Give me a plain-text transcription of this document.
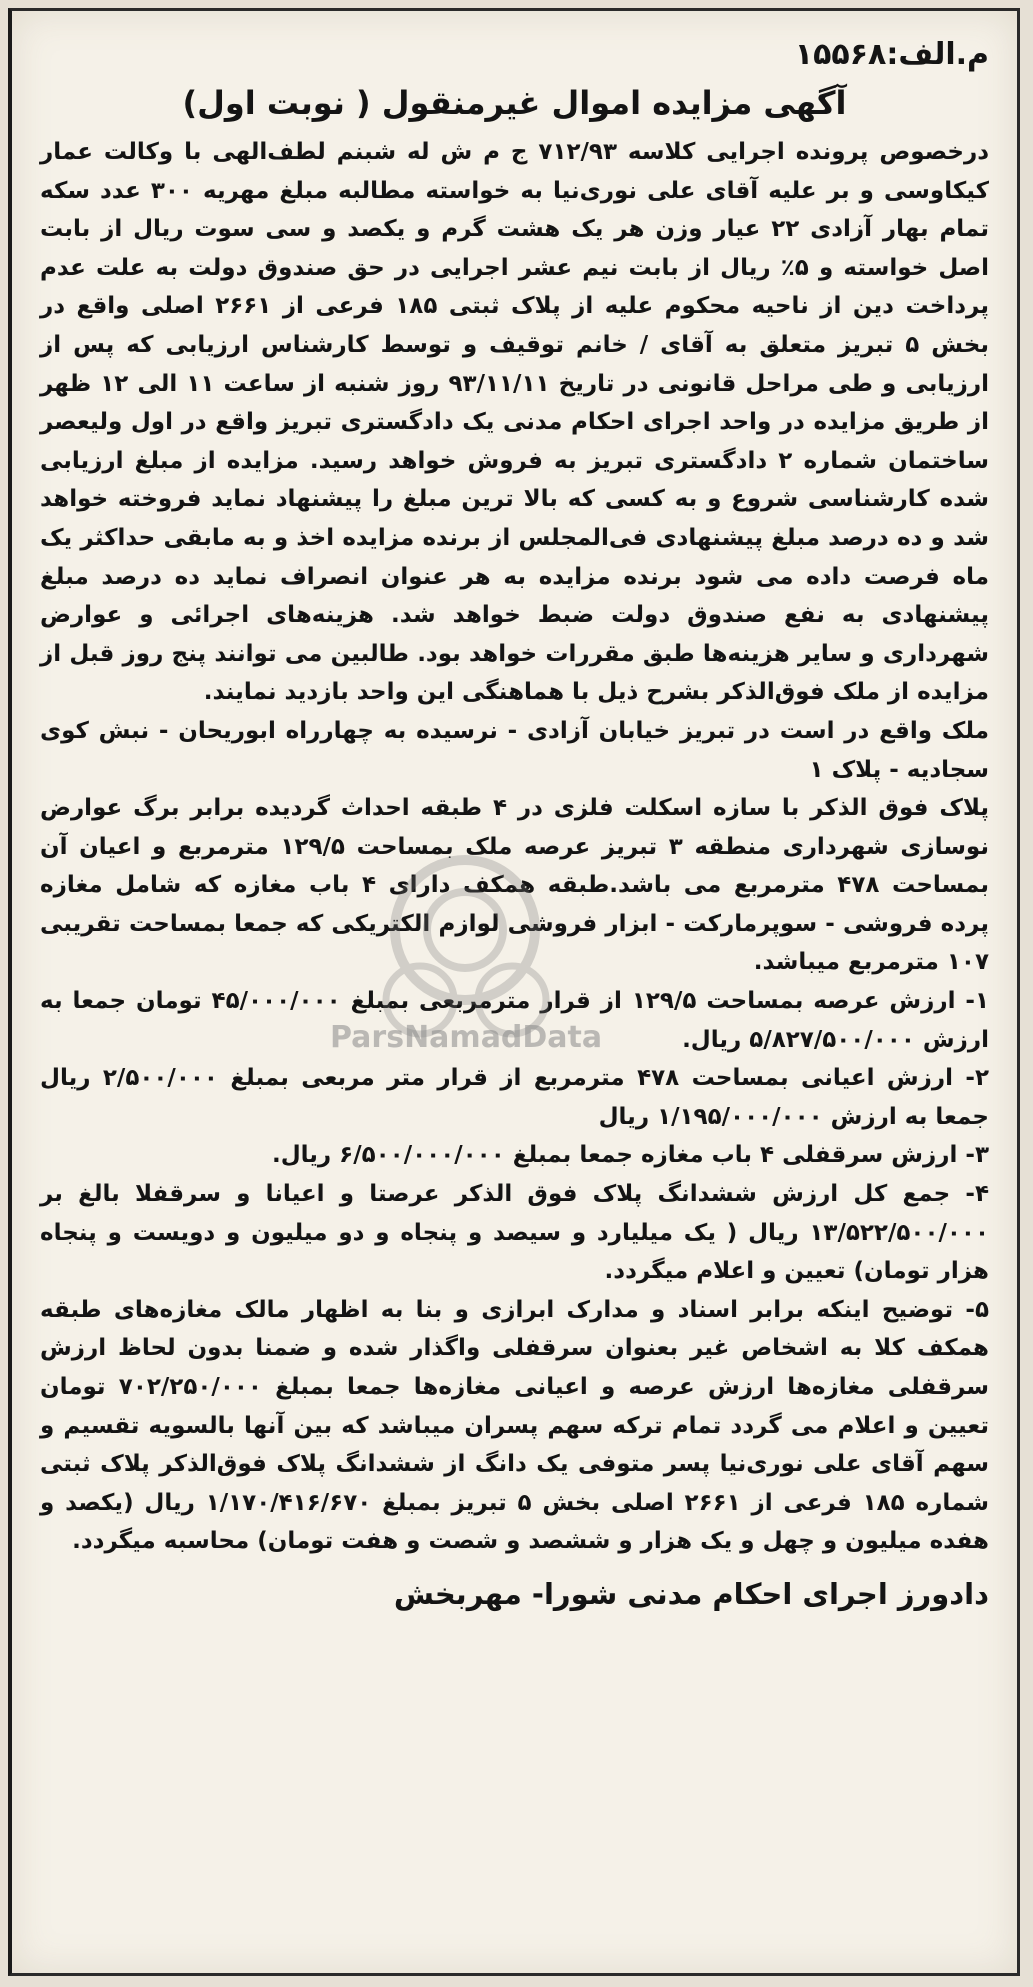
م.الف:۱۵۵۶۸
آگهی مزایده اموال غیرمنقول ( نوبت اول)

درخصوص پرونده اجرایی کلاسه ۷۱۲/۹۳ ج م ش له شبنم لطف‌الهی با وکالت عمار کیکاوسی و بر علیه آقای علی نوری‌نیا به خواسته مطالبه مبلغ مهریه ۳۰۰ عدد سکه تمام بهار آزادی ۲۲ عیار وزن هر یک هشت گرم و یکصد و سی سوت ریال از بابت اصل خواسته و ۵٪ ریال از بابت نیم عشر اجرایی در حق صندوق دولت به علت عدم پرداخت دین از ناحیه محکوم علیه از پلاک ثبتی ۱۸۵ فرعی از ۲۶۶۱ اصلی واقع در بخش ۵ تبریز متعلق به آقای / خانم توقیف و توسط کارشناس ارزیابی که پس از ارزیابی و طی مراحل قانونی در تاریخ ۹۳/۱۱/۱۱ روز شنبه از ساعت ۱۱ الی ۱۲ ظهر از طریق مزایده در واحد اجرای احکام مدنی یک دادگستری تبریز واقع در اول ولیعصر ساختمان شماره ۲ دادگستری تبریز به فروش خواهد رسید. مزایده از مبلغ ارزیابی شده کارشناسی شروع و به کسی که بالا ترین مبلغ را پیشنهاد نماید فروخته خواهد شد و ده درصد مبلغ پیشنهادی فی‌المجلس از برنده مزایده اخذ و به مابقی حداکثر یک ماه فرصت داده می شود برنده مزایده به هر عنوان انصراف نماید ده درصد مبلغ پیشنهادی به نفع صندوق دولت ضبط خواهد شد. هزینه‌های اجرائی و عوارض شهرداری و سایر هزینه‌ها طبق مقررات خواهد بود. طالبین می توانند پنج روز قبل از مزایده از ملک فوق‌الذکر بشرح ذیل با هماهنگی این واحد بازدید نمایند.

ملک واقع در است در تبریز خیابان آزادی - نرسیده به چهارراه ابوریحان - نبش کوی سجادیه - پلاک ۱

پلاک فوق الذکر با سازه اسکلت فلزی در ۴ طبقه احداث گردیده برابر برگ عوارض نوسازی شهرداری منطقه ۳ تبریز عرصه ملک بمساحت ۱۲۹/۵ مترمربع و اعیان آن بمساحت ۴۷۸ مترمربع می باشد.طبقه همکف دارای ۴ باب مغازه که شامل مغازه پرده فروشی - سوپرمارکت - ابزار فروشی لوازم الکتریکی که جمعا بمساحت تقریبی ۱۰۷ مترمربع میباشد.

۱- ارزش عرصه بمساحت ۱۲۹/۵ از قرار مترمربعی بمبلغ ۴۵/۰۰۰/۰۰۰ تومان جمعا به ارزش ۵/۸۲۷/۵۰۰/۰۰۰ ریال.

۲- ارزش اعیانی بمساحت ۴۷۸ مترمربع از قرار متر مربعی بمبلغ ۲/۵۰۰/۰۰۰ ریال جمعا به ارزش ۱/۱۹۵/۰۰۰/۰۰۰ ریال

۳- ارزش سرقفلی ۴ باب مغازه جمعا بمبلغ ۶/۵۰۰/۰۰۰/۰۰۰ ریال.

۴- جمع کل ارزش ششدانگ پلاک فوق الذکر عرصتا و اعیانا و سرقفلا بالغ بر ۱۳/۵۲۲/۵۰۰/۰۰۰ ریال ( یک میلیارد و سیصد و پنجاه و دو میلیون و دویست و پنجاه هزار تومان) تعیین و اعلام میگردد.

۵- توضیح اینکه برابر اسناد و مدارک ابرازی و بنا به اظهار مالک مغازه‌های طبقه همکف کلا به اشخاص غیر بعنوان سرقفلی واگذار شده و ضمنا بدون لحاظ ارزش سرقفلی مغازه‌ها ارزش عرصه و اعیانی مغازه‌ها جمعا بمبلغ ۷۰۲/۲۵۰/۰۰۰ تومان تعیین و اعلام می گردد تمام ترکه سهم پسران میباشد که بین آنها بالسویه تقسیم و سهم آقای علی نوری‌نیا پسر متوفی یک دانگ از ششدانگ پلاک فوق‌الذکر پلاک ثبتی شماره ۱۸۵ فرعی از ۲۶۶۱ اصلی بخش ۵ تبریز بمبلغ ۱/۱۷۰/۴۱۶/۶۷۰ ریال (یکصد و هفده میلیون و چهل و یک هزار و ششصد و شصت و هفت تومان) محاسبه میگردد.

دادورز اجرای احکام مدنی شورا- مهربخش
ParsNamadData
